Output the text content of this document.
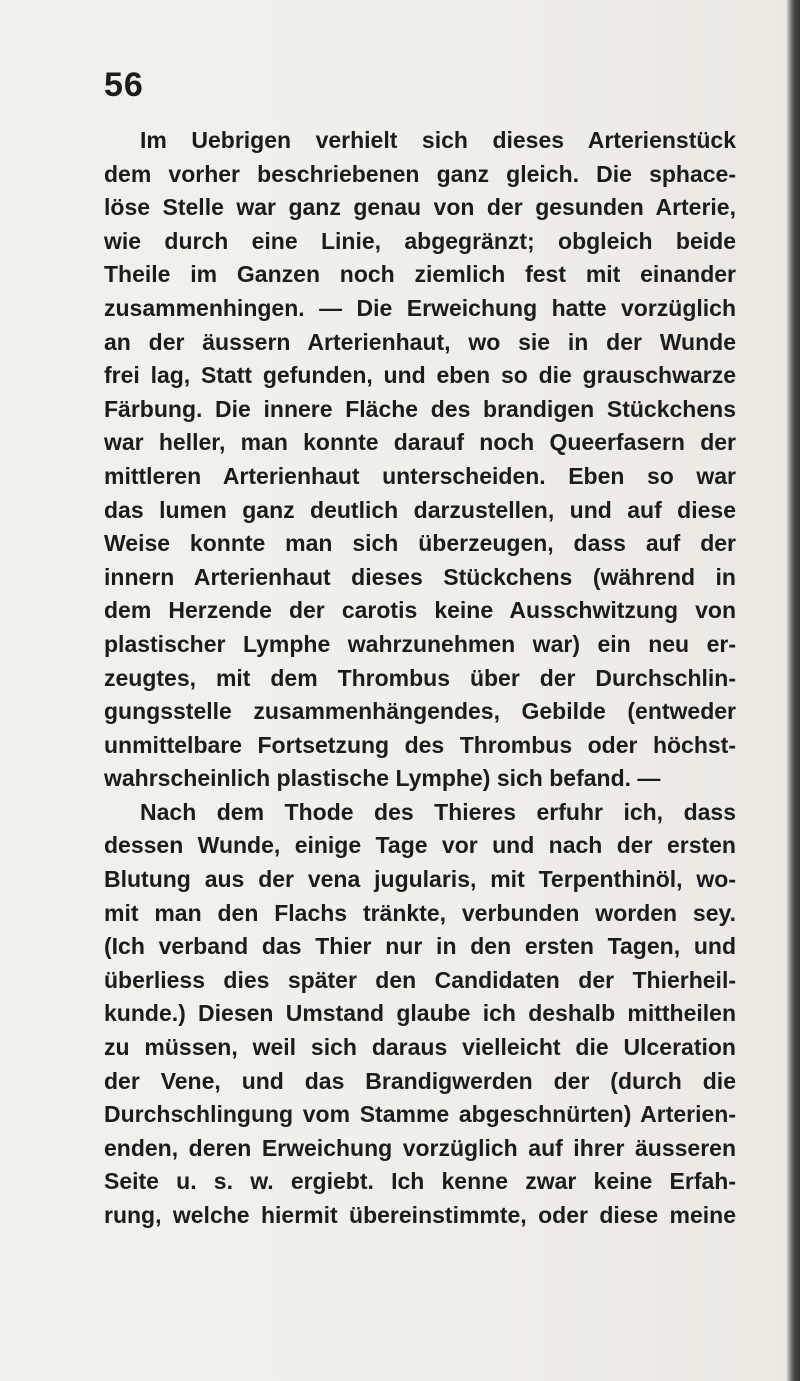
56
Im Uebrigen verhielt sich dieses Arterienstück
dem vorher beschriebenen ganz gleich. Die sphace-
löse Stelle war ganz genau von der gesunden Arterie,
wie durch eine Linie, abgegränzt; obgleich beide
Theile im Ganzen noch ziemlich fest mit einander
zusammenhingen. — Die Erweichung hatte vorzüglich
an der äussern Arterienhaut, wo sie in der Wunde
frei lag, Statt gefunden, und eben so die grauschwarze
Färbung. Die innere Fläche des brandigen Stückchens
war heller, man konnte darauf noch Queerfasern der
mittleren Arterienhaut unterscheiden. Eben so war
das lumen ganz deutlich darzustellen, und auf diese
Weise konnte man sich überzeugen, dass auf der
innern Arterienhaut dieses Stückchens (während in
dem Herzende der carotis keine Ausschwitzung von
plastischer Lymphe wahrzunehmen war) ein neu er-
zeugtes, mit dem Thrombus über der Durchschlin-
gungsstelle zusammenhängendes, Gebilde (entweder
unmittelbare Fortsetzung des Thrombus oder höchst-
wahrscheinlich plastische Lymphe) sich befand. —
Nach dem Thode des Thieres erfuhr ich, dass
dessen Wunde, einige Tage vor und nach der ersten
Blutung aus der vena jugularis, mit Terpenthinöl, wo-
mit man den Flachs tränkte, verbunden worden sey.
(Ich verband das Thier nur in den ersten Tagen, und
überliess dies später den Candidaten der Thierheil-
kunde.) Diesen Umstand glaube ich deshalb mittheilen
zu müssen, weil sich daraus vielleicht die Ulceration
der Vene, und das Brandigwerden der (durch die
Durchschlingung vom Stamme abgeschnürten) Arterien-
enden, deren Erweichung vorzüglich auf ihrer äusseren
Seite u. s. w. ergiebt. Ich kenne zwar keine Erfah-
rung, welche hiermit übereinstimmte, oder diese meine
